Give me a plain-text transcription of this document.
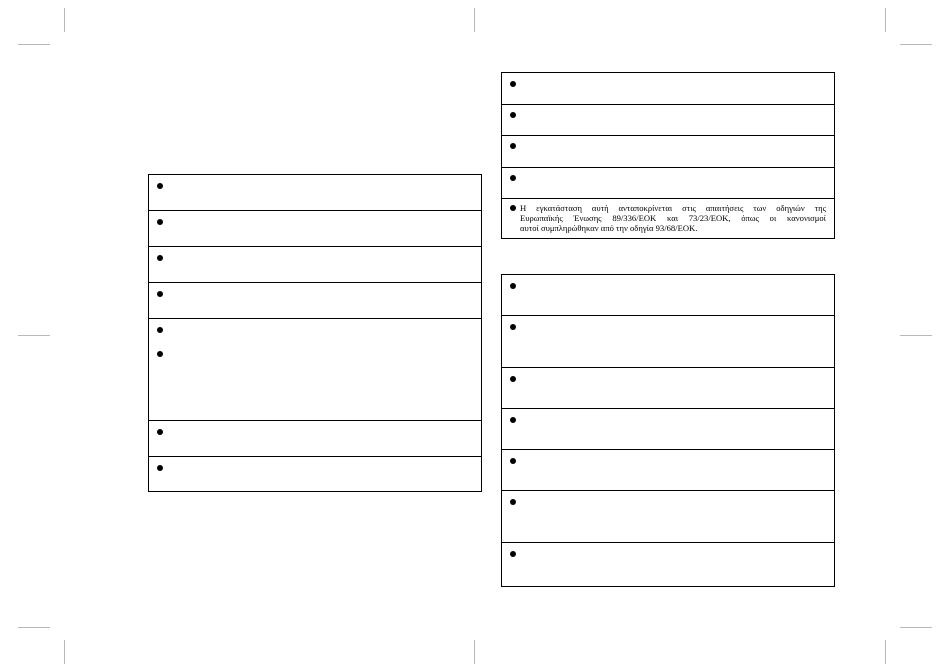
Η εγκατάσταση αυτή ανταποκρίνεται στις απαιτήσεις των οδηγιών της
Ευρωπαϊκής Ένωσης 89/336/ΕΟΚ και 73/23/ΕΟΚ, όπως οι κανονισμοί
αυτοί συμπληρώθηκαν από την οδηγία 93/68/ΕΟΚ.
